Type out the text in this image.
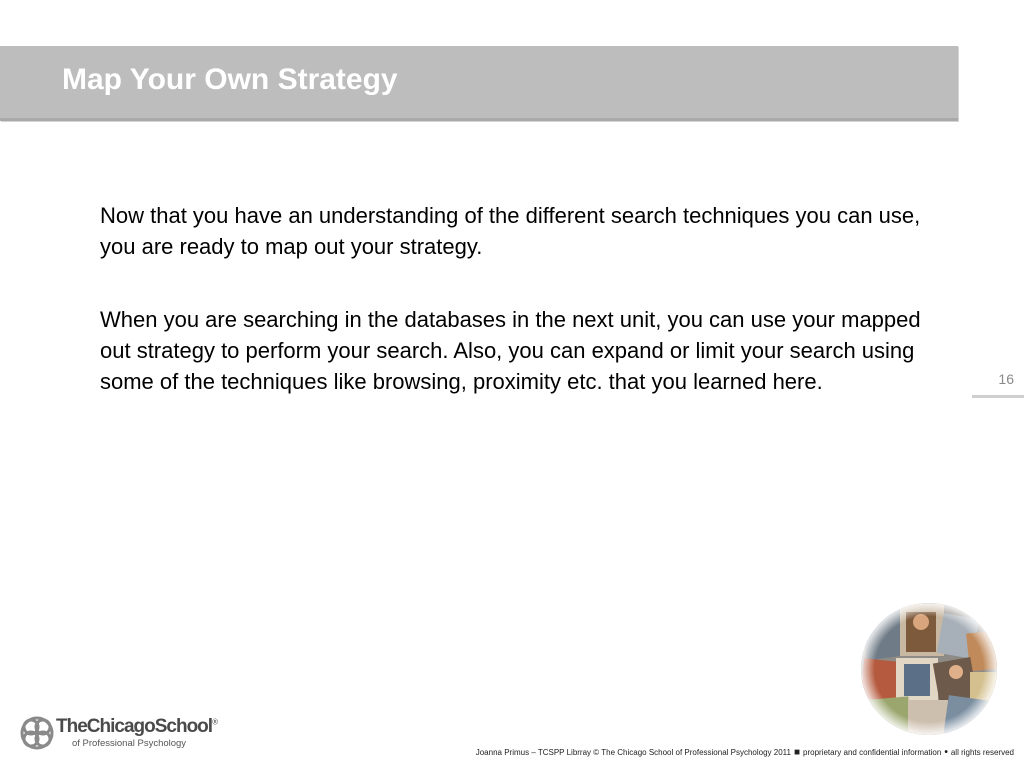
Map Your Own Strategy

Now that you have an understanding of the different search techniques you can use, you are ready to map out your strategy.

When you are searching in the databases in the next unit, you can use your mapped out strategy to perform your search. Also, you can expand or limit your search using some of the techniques like browsing, proximity etc. that you learned here.	16
TheChicagoSchool®
of Professional Psychology
Joanna Primus – TCSPP Librray © The Chicago School of Professional Psychology 2011 ■ proprietary and confidential information • all rights reserved
